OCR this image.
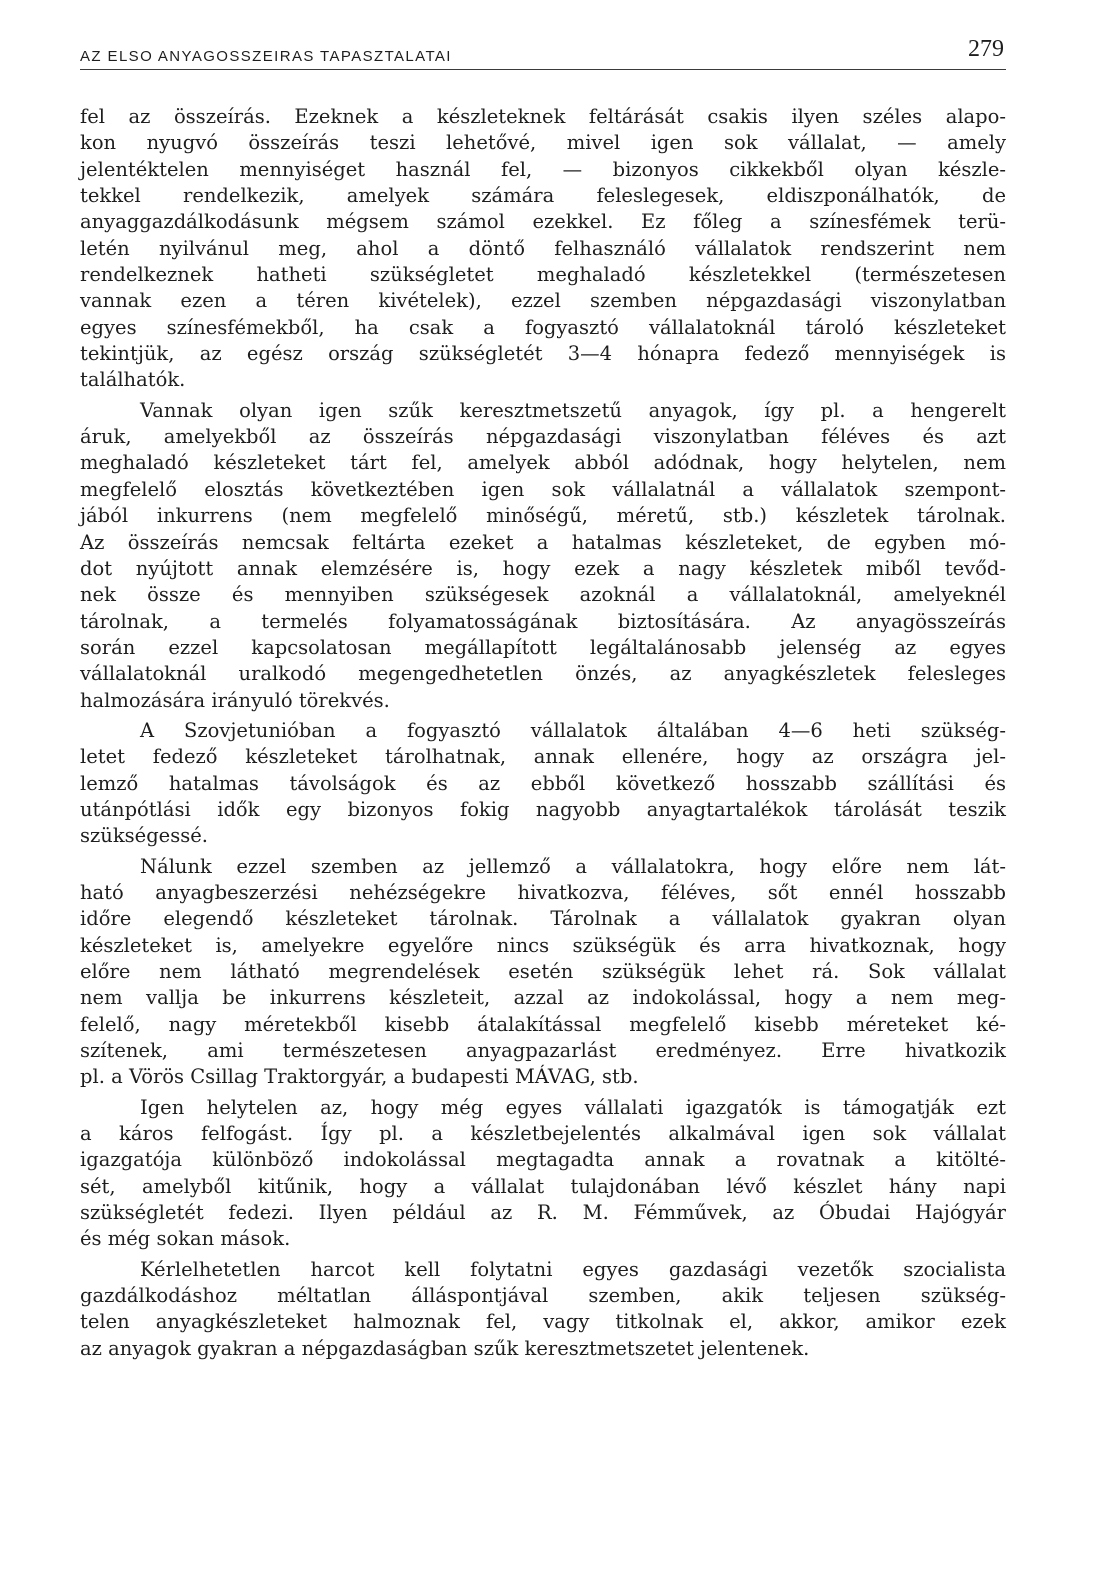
AZ ELSO ANYAGOSSZEIRAS TAPASZTALATAI	279
fel az összeírás. Ezeknek a készleteknek feltárását csakis ilyen széles alapo-
kon nyugvó összeírás teszi lehetővé, mivel igen sok vállalat, — amely
jelentéktelen mennyiséget használ fel, — bizonyos cikkekből olyan készle-
tekkel rendelkezik, amelyek számára feleslegesek, eldiszponálhatók, de
anyaggazdálkodásunk mégsem számol ezekkel. Ez főleg a színesfémek terü-
letén nyilvánul meg, ahol a döntő felhasználó vállalatok rendszerint nem
rendelkeznek hatheti szükségletet meghaladó készletekkel (természetesen
vannak ezen a téren kivételek), ezzel szemben népgazdasági viszonylatban
egyes színesfémekből, ha csak a fogyasztó vállalatoknál tároló készleteket
tekintjük, az egész ország szükségletét 3—4 hónapra fedező mennyiségek is
találhatók.
Vannak olyan igen szűk keresztmetszetű anyagok, így pl. a hengerelt
áruk, amelyekből az összeírás népgazdasági viszonylatban féléves és azt
meghaladó készleteket tárt fel, amelyek abból adódnak, hogy helytelen, nem
megfelelő elosztás következtében igen sok vállalatnál a vállalatok szempont-
jából inkurrens (nem megfelelő minőségű, méretű, stb.) készletek tárolnak.
Az összeírás nemcsak feltárta ezeket a hatalmas készleteket, de egyben mó-
dot nyújtott annak elemzésére is, hogy ezek a nagy készletek miből tevőd-
nek össze és mennyiben szükségesek azoknál a vállalatoknál, amelyeknél
tárolnak, a termelés folyamatosságának biztosítására. Az anyagösszeírás
során ezzel kapcsolatosan megállapított legáltalánosabb jelenség az egyes
vállalatoknál uralkodó megengedhetetlen önzés, az anyagkészletek felesleges
halmozására irányuló törekvés.
A Szovjetunióban a fogyasztó vállalatok általában 4—6 heti szükség-
letet fedező készleteket tárolhatnak, annak ellenére, hogy az országra jel-
lemző hatalmas távolságok és az ebből következő hosszabb szállítási és
utánpótlási idők egy bizonyos fokig nagyobb anyagtartalékok tárolását teszik
szükségessé.
Nálunk ezzel szemben az jellemző a vállalatokra, hogy előre nem lát-
ható anyagbeszerzési nehézségekre hivatkozva, féléves, sőt ennél hosszabb
időre elegendő készleteket tárolnak. Tárolnak a vállalatok gyakran olyan
készleteket is, amelyekre egyelőre nincs szükségük és arra hivatkoznak, hogy
előre nem látható megrendelések esetén szükségük lehet rá. Sok vállalat
nem vallja be inkurrens készleteit, azzal az indokolással, hogy a nem meg-
felelő, nagy méretekből kisebb átalakítással megfelelő kisebb méreteket ké-
szítenek, ami természetesen anyagpazarlást eredményez. Erre hivatkozik
pl. a Vörös Csillag Traktorgyár, a budapesti MÁVAG, stb.
Igen helytelen az, hogy még egyes vállalati igazgatók is támogatják ezt
a káros felfogást. Így pl. a készletbejelentés alkalmával igen sok vállalat
igazgatója különböző indokolással megtagadta annak a rovatnak a kitölté-
sét, amelyből kitűnik, hogy a vállalat tulajdonában lévő készlet hány napi
szükségletét fedezi. Ilyen például az R. M. Fémművek, az Óbudai Hajógyár
és még sokan mások.
Kérlelhetetlen harcot kell folytatni egyes gazdasági vezetők szocialista
gazdálkodáshoz méltatlan álláspontjával szemben, akik teljesen szükség-
telen anyagkészleteket halmoznak fel, vagy titkolnak el, akkor, amikor ezek
az anyagok gyakran a népgazdaságban szűk keresztmetszetet jelentenek.
